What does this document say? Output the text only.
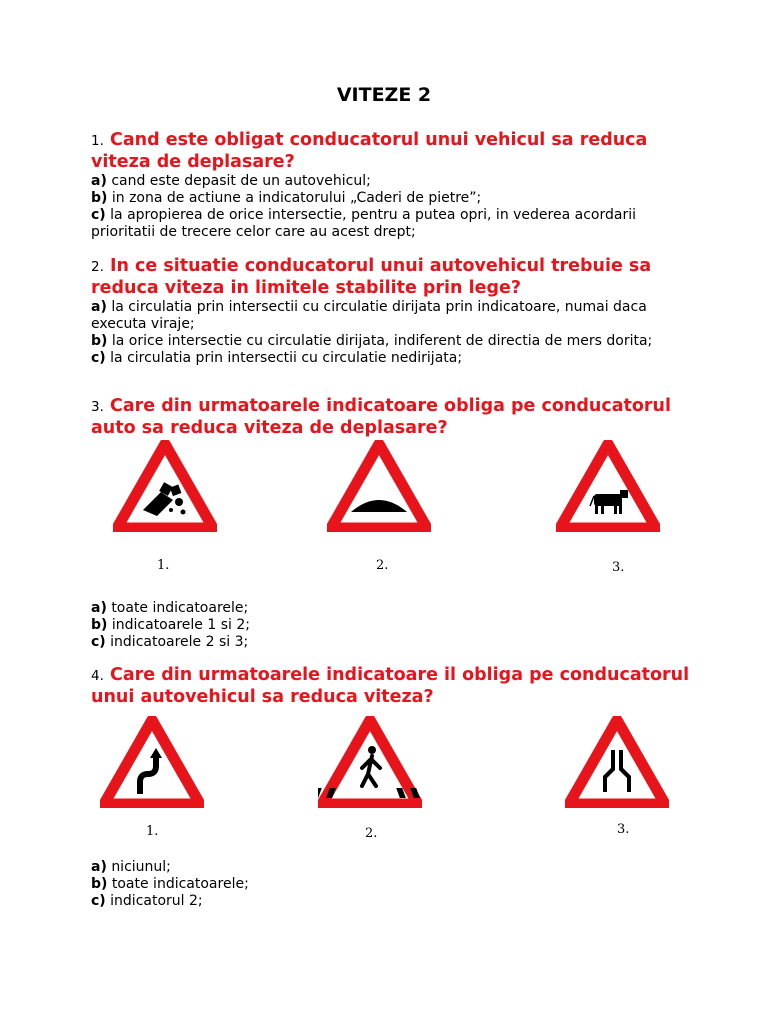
VITEZE 2
1. Cand este obligat conducatorul unui vehicul sa reduca viteza de deplasare?
a) cand este depasit de un autovehicul;
b) in zona de actiune a indicatorului „Caderi de pietre”;
c) la apropierea de orice intersectie, pentru a putea opri, in vederea acordarii prioritatii de trecere celor care au acest drept;
2. In ce situatie conducatorul unui autovehicul trebuie sa reduca viteza in limitele stabilite prin lege?
a) la circulatia prin intersectii cu circulatie dirijata prin indicatoare, numai daca executa viraje;
b) la orice intersectie cu circulatie dirijata, indiferent de directia de mers dorita;
c) la circulatia prin intersectii cu circulatie nedirijata;
3. Care din urmatoarele indicatoare obliga pe conducatorul auto sa reduca viteza de deplasare?
1.	2.	3.
a) toate indicatoarele;
b) indicatoarele 1 si 2;
c) indicatoarele 2 si 3;
4. Care din urmatoarele indicatoare il obliga pe conducatorul unui autovehicul sa reduca viteza?
1.	2.	3.
a) niciunul;
b) toate indicatoarele;
c) indicatorul 2;
